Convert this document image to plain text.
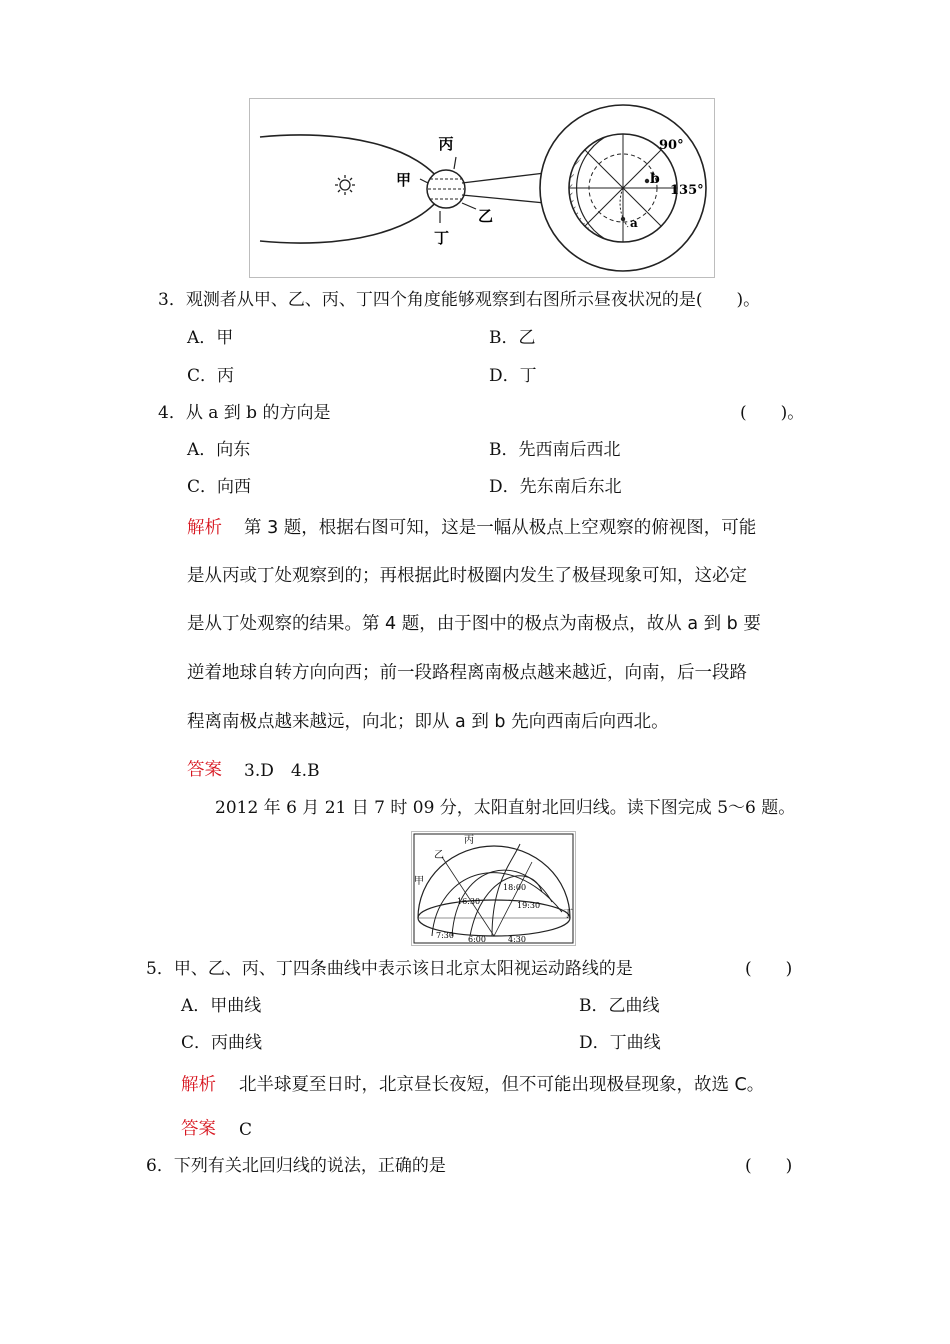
丙
甲
乙
丁
b
a
90°
135°
3．观测者从甲、乙、丙、丁四个角度能够观察到右图所示昼夜状况的是(　　)。
A．甲	B．乙
C．丙	D．丁
4．从 a 到 b 的方向是	(　　)。
A．向东	B．先西南后西北
C．向西	D．先东南后东北
解析 第 3 题，根据右图可知，这是一幅从极点上空观察的俯视图，可能
是从丙或丁处观察到的；再根据此时极圈内发生了极昼现象可知，这必定
是从丁处观察的结果。第 4 题，由于图中的极点为南极点，故从 a 到 b 要
逆着地球自转方向向西；前一段路程离南极点越来越近，向南，后一段路
程离南极点越来越远，向北；即从 a 到 b 先向西南后向西北。
答案 3.D　4.B
2012 年 6 月 21 日 7 时 09 分，太阳直射北回归线。读下图完成 5～6 题。
丙
乙
甲
丁
18:00
16:30	19:30
7:30 6:00	4:30
5．甲、乙、丙、丁四条曲线中表示该日北京太阳视运动路线的是	(　　)
A．甲曲线	B．乙曲线
C．丙曲线	D．丁曲线
解析 北半球夏至日时，北京昼长夜短，但不可能出现极昼现象，故选 C。
答案 C
6．下列有关北回归线的说法，正确的是	(　　)
